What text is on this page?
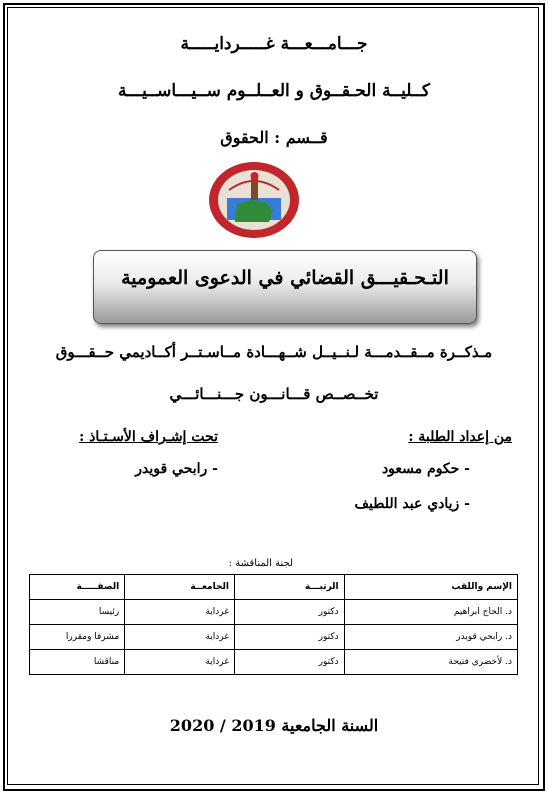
جـــامـــعـــة غـــــردايـــــة
كــليــة الحـقــوق و العــلــوم ســيـــاســيـــة
قــسم : الحقوق
التـحـقيـــق القضائي في الدعوى العمومية
مـذكــرة مــقــدمـــة لـنــيــل شــهـــادة مــاسـتــر أكــاديمي حــقـــوق
تخــصــص قـــانـــون جـــنـــائـــي
من إعداد الطلبة :
تحت إشـراف الأسـتـاذ :
- حكوم مسعود
- زيادي عبد اللطيف
- رابحي قويدر
لجنة المناقشة :
الإسم واللقب	الرتبـــة	الجامعــة	الصفـــــة
د. الحاج ابراهيم	دكتور	غرداية	رئيسا
د. رابحي قويدر	دكتور	غرداية	مشرفا ومقررا
د. لأخضري فتيحة	دكتور	غرداية	مناقشا
السنة الجامعية 2019 / 2020
